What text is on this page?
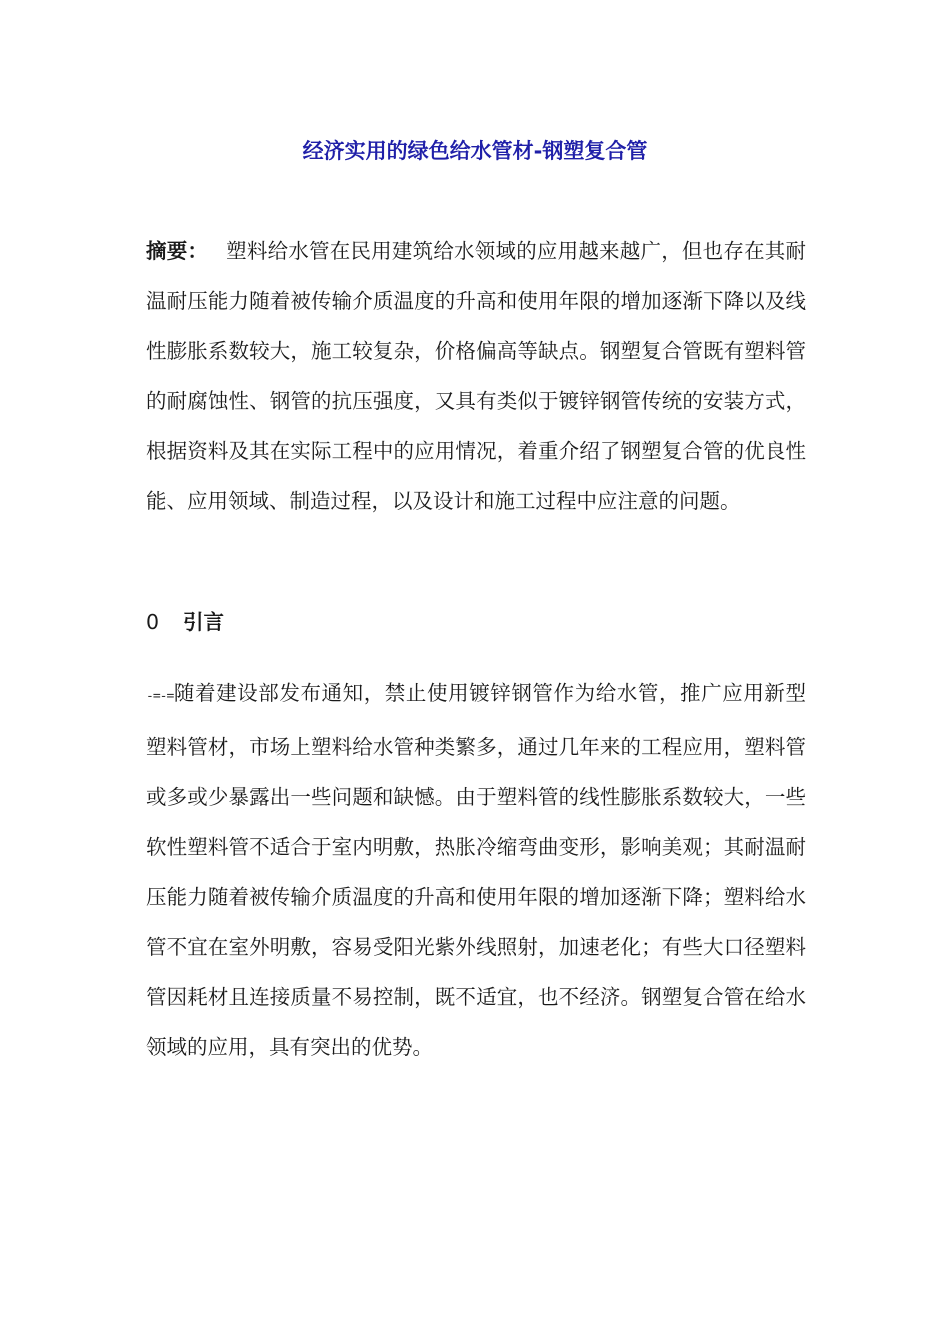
经济实用的绿色给水管材-钢塑复合管

摘要： 塑料给水管在民用建筑给水领域的应用越来越广，但也存在其耐温耐压能力随着被传输介质温度的升高和使用年限的增加逐渐下降以及线性膨胀系数较大，施工较复杂，价格偏高等缺点。钢塑复合管既有塑料管的耐腐蚀性、钢管的抗压强度，又具有类似于镀锌钢管传统的安装方式，根据资料及其在实际工程中的应用情况，着重介绍了钢塑复合管的优良性能、应用领域、制造过程，以及设计和施工过程中应注意的问题。

0 引言

-=-=随着建设部发布通知，禁止使用镀锌钢管作为给水管，推广应用新型塑料管材，市场上塑料给水管种类繁多，通过几年来的工程应用，塑料管或多或少暴露出一些问题和缺憾。由于塑料管的线性膨胀系数较大，一些软性塑料管不适合于室内明敷，热胀冷缩弯曲变形，影响美观；其耐温耐压能力随着被传输介质温度的升高和使用年限的增加逐渐下降；塑料给水管不宜在室外明敷，容易受阳光紫外线照射，加速老化；有些大口径塑料管因耗材且连接质量不易控制，既不适宜，也不经济。钢塑复合管在给水领域的应用，具有突出的优势。
